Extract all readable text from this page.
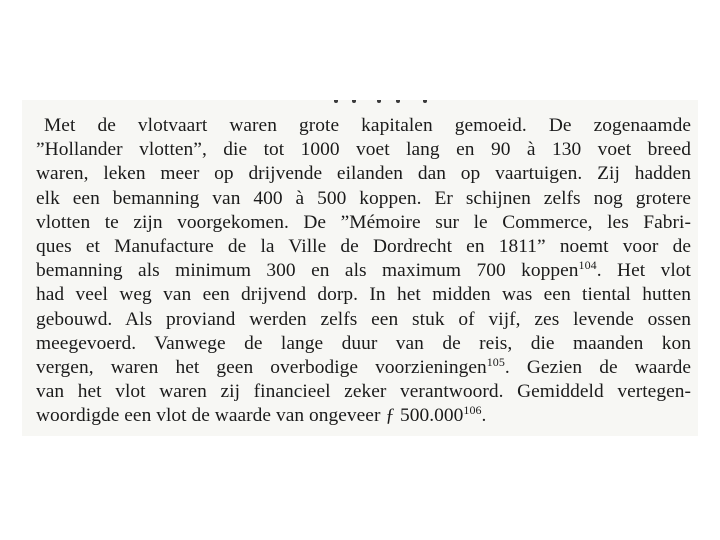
Met de vlotvaart waren grote kapitalen gemoeid. De zogenaamde
”Hollander vlotten”, die tot 1000 voet lang en 90 à 130 voet breed
waren, leken meer op drijvende eilanden dan op vaartuigen. Zij hadden
elk een bemanning van 400 à 500 koppen. Er schijnen zelfs nog grotere
vlotten te zijn voorgekomen. De ”Mémoire sur le Commerce, les Fabri-
ques et Manufacture de la Ville de Dordrecht en 1811” noemt voor de
bemanning als minimum 300 en als maximum 700 koppen$^{104}$. Het vlot
had veel weg van een drijvend dorp. In het midden was een tiental hutten
gebouwd. Als proviand werden zelfs een stuk of vijf, zes levende ossen
meegevoerd. Vanwege de lange duur van de reis, die maanden kon
vergen, waren het geen overbodige voorzieningen$^{105}$. Gezien de waarde
van het vlot waren zij financieel zeker verantwoord. Gemiddeld vertegen-
woordigde een vlot de waarde van ongeveer ƒ 500.000$^{106}$.
